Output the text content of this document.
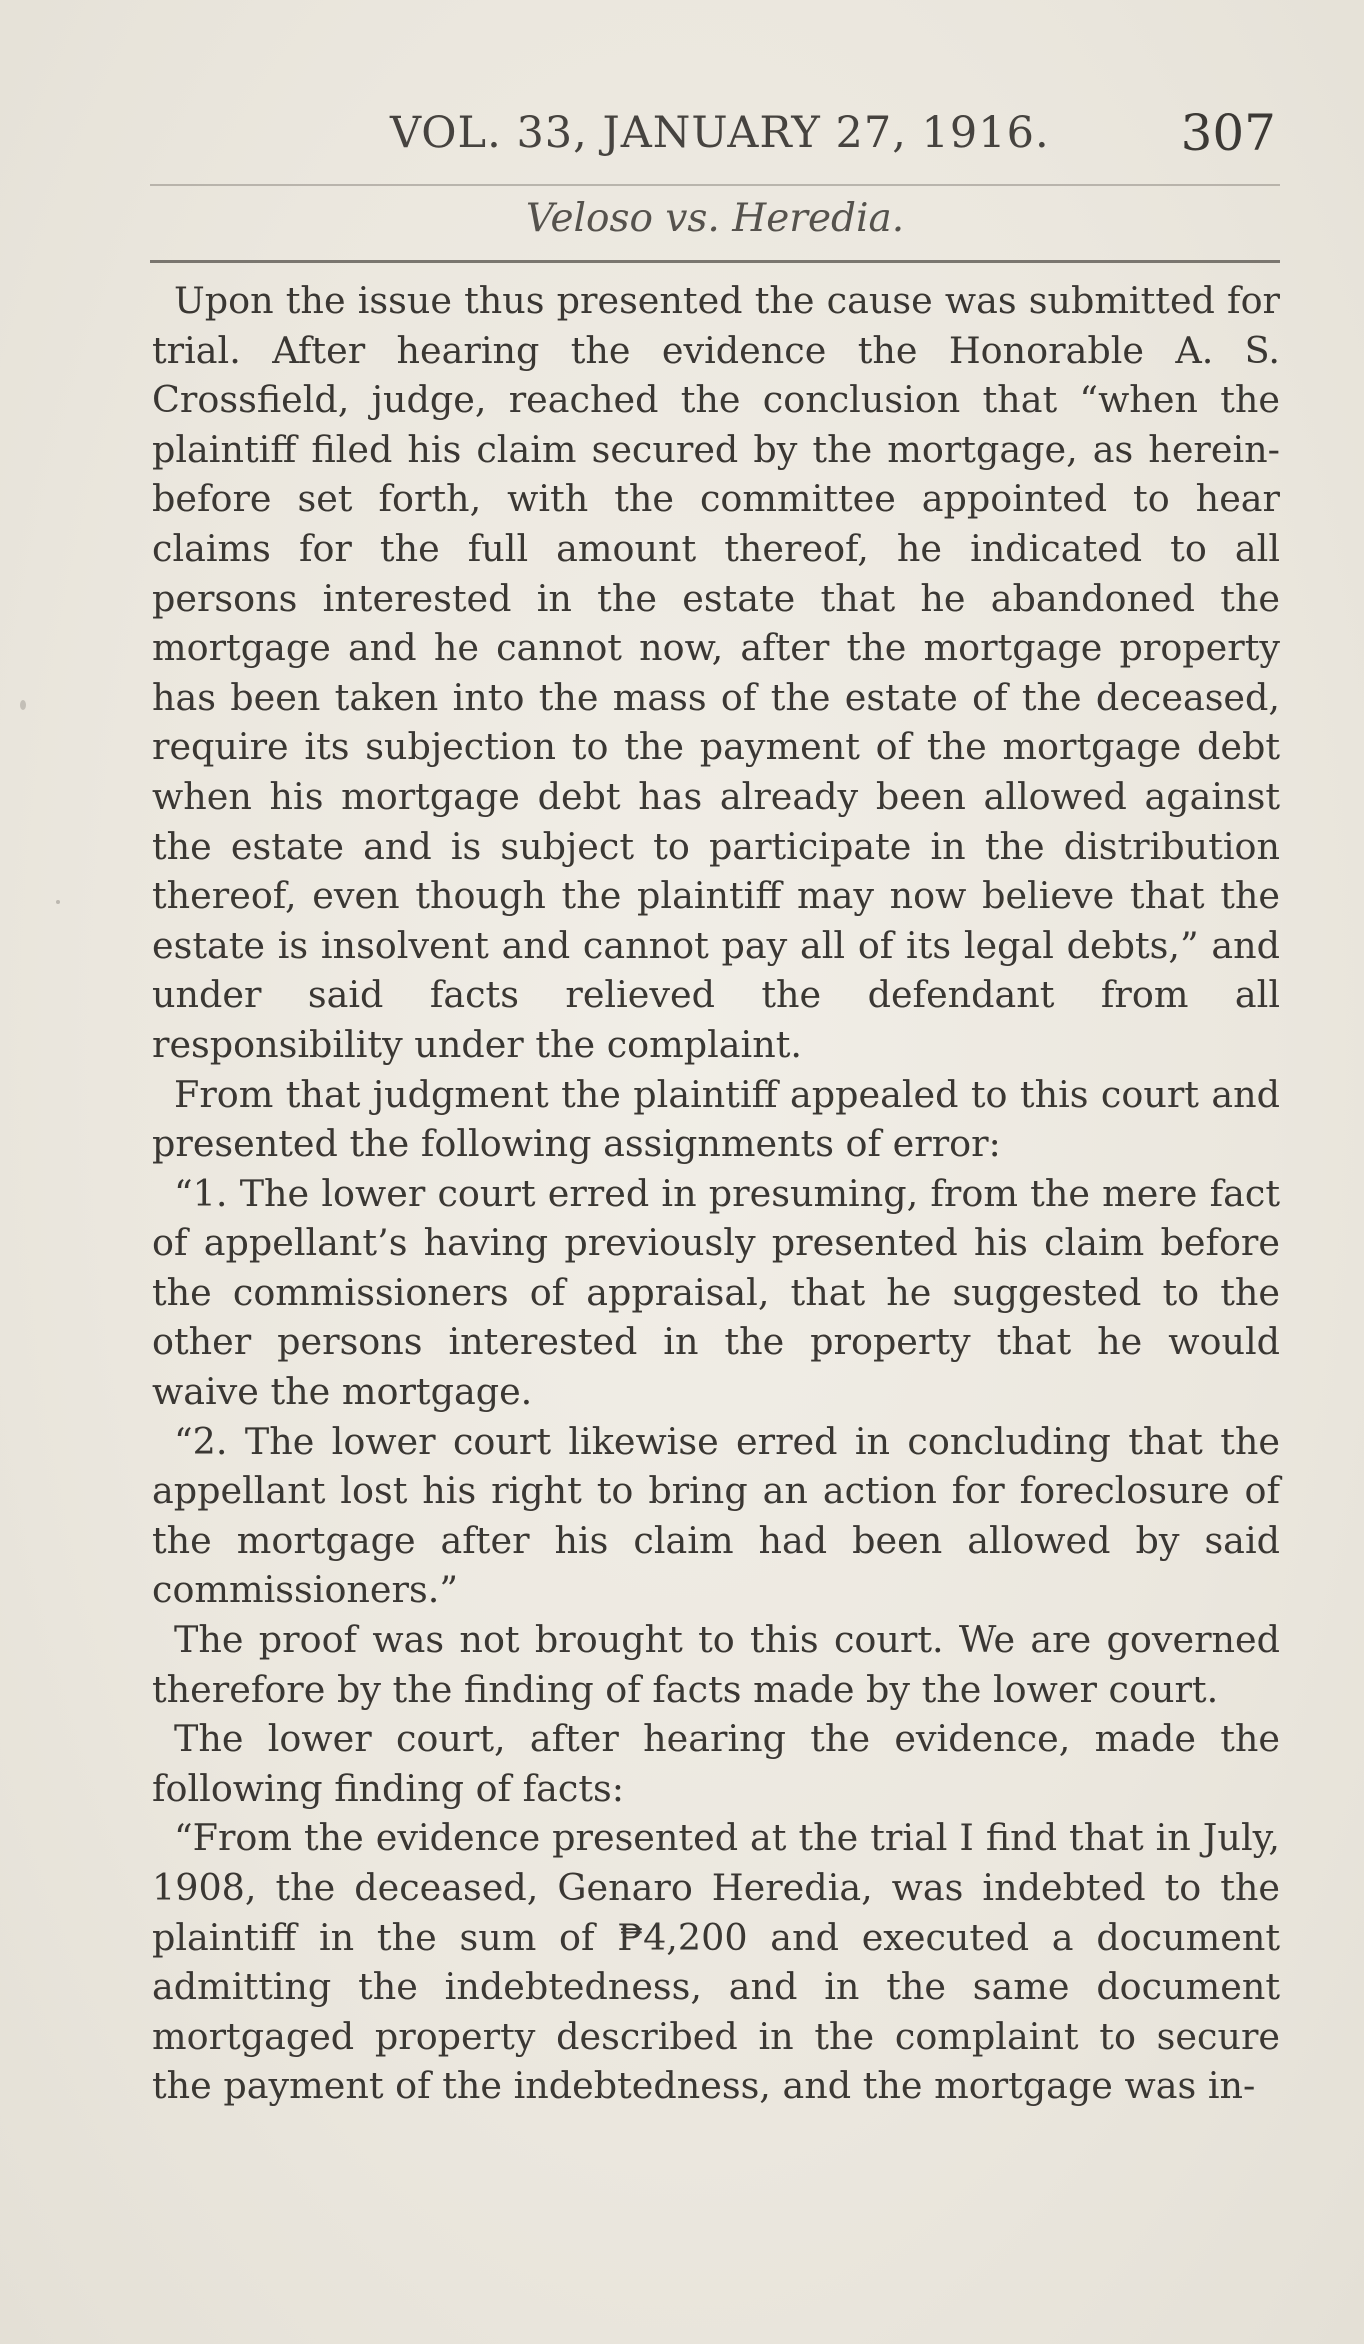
VOL. 33, JANUARY 27, 1916.	307
Veloso vs. Heredia.

Upon the issue thus presented the cause was submitted for trial. After hearing the evidence the Honorable A. S. Crossfield, judge, reached the conclusion that “when the plaintiff filed his claim secured by the mortgage, as hereinbefore set forth, with the committee appointed to hear claims for the full amount thereof, he indicated to all persons interested in the estate that he abandoned the mortgage and he cannot now, after the mortgage property has been taken into the mass of the estate of the deceased, require its subjection to the payment of the mortgage debt when his mortgage debt has already been allowed against the estate and is subject to participate in the distribution thereof, even though the plaintiff may now believe that the estate is insolvent and cannot pay all of its legal debts,” and under said facts relieved the defendant from all responsibility under the complaint.

From that judgment the plaintiff appealed to this court and presented the following assignments of error:

“1. The lower court erred in presuming, from the mere fact of appellant’s having previously presented his claim before the commissioners of appraisal, that he suggested to the other persons interested in the property that he would waive the mortgage.

“2. The lower court likewise erred in concluding that the appellant lost his right to bring an action for foreclosure of the mortgage after his claim had been allowed by said commissioners.”

The proof was not brought to this court. We are governed therefore by the finding of facts made by the lower court.

The lower court, after hearing the evidence, made the following finding of facts:

“From the evidence presented at the trial I find that in July, 1908, the deceased, Genaro Heredia, was indebted to the plaintiff in the sum of ₱4,200 and executed a document admitting the indebtedness, and in the same document mortgaged property described in the complaint to secure the payment of the indebtedness, and the mortgage was in-
